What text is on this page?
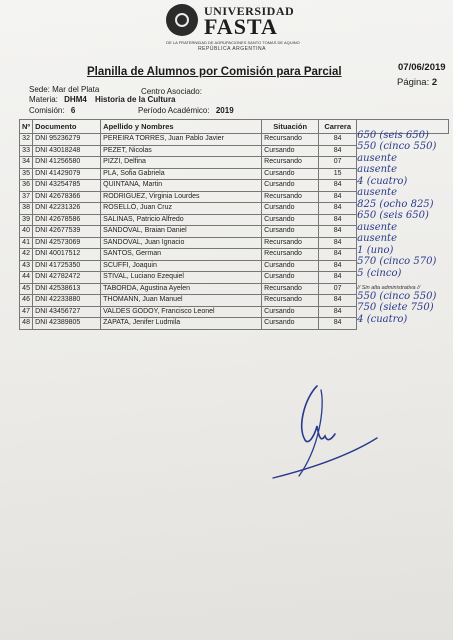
UNIVERSIDAD
FASTA
DE LA FRATERNIDAD DE AGRUPACIONES SANTO TOMAS DE AQUINO
REPÚBLICA ARGENTINA
Planilla de Alumnos por Comisión para Parcial	07/06/2019
Página: 2
Sede: Mar del Plata	Centro Asociado:
Materia: DHM4 Historia de la Cultura
Comisión: 6	Período Académico: 2019
Nº	Documento	Apellido y Nombres	Situación	Carrera	
32	DNI 95236279	PEREIRA TORRES, Juan Pablo Javier	Recursando	84	650 (seis 650)

33	DNI 43018248	PEZET, Nicolas	Cursando	84	550 (cinco 550)

34	DNI 41256580	PIZZI, Delfina	Recursando	07	ausente

35	DNI 41429079	PLA, Sofia Gabriela	Cursando	15	ausente

36	DNI 43254785	QUINTANA, Martin	Cursando	84	4 (cuatro)

37	DNI 42678366	RODRIGUEZ, Virginia Lourdes	Recursando	84	ausente

38	DNI 42231326	ROSELLÓ, Juan Cruz	Cursando	84	825 (ocho 825)

39	DNI 42678586	SALINAS, Patricio Alfredo	Cursando	84	650 (seis 650)

40	DNI 42677539	SANDOVAL, Braian Daniel	Cursando	84	ausente

41	DNI 42573069	SANDOVAL, Juan Ignacio	Recursando	84	ausente

42	DNI 40017512	SANTOS, German	Recursando	84	1 (uno)

43	DNI 41725350	SCUFFI, Joaquin	Cursando	84	570 (cinco 570)

44	DNI 42782472	STIVAL, Luciano Ezequiel	Cursando	84	5 (cinco)

45	DNI 42538613	TABORDA, Agustina Ayelen	Recursando	07	// Sin alta administrativa //

46	DNI 42233880	THOMANN, Juan Manuel	Recursando	84	550 (cinco 550)

47	DNI 43456727	VALDES GODOY, Francisco Leonel	Cursando	84	750 (siete 750)

48	DNI 42389805	ZAPATA, Jenifer Ludmila	Cursando	84	4 (cuatro)
